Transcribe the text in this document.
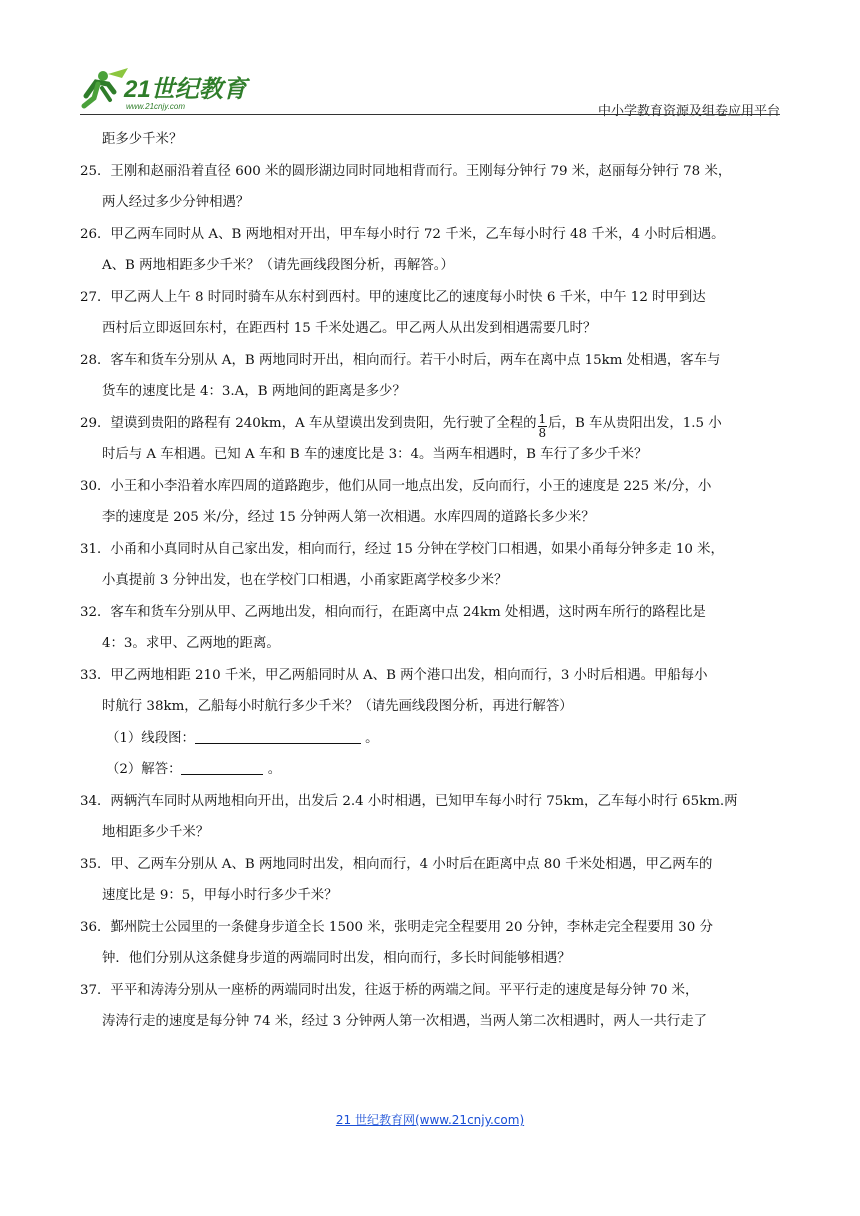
21世纪教育
www.21cnjy.com	中小学教育资源及组卷应用平台
距多少千米？
25．王刚和赵丽沿着直径 600 米的圆形湖边同时同地相背而行。王刚每分钟行 79 米，赵丽每分钟行 78 米，
两人经过多少分钟相遇？
26．甲乙两车同时从 A、B 两地相对开出，甲车每小时行 72 千米，乙车每小时行 48 千米，4 小时后相遇。
A、B 两地相距多少千米？（请先画线段图分析，再解答。）
27．甲乙两人上午 8 时同时骑车从东村到西村。甲的速度比乙的速度每小时快 6 千米，中午 12 时甲到达
西村后立即返回东村，在距西村 15 千米处遇乙。甲乙两人从出发到相遇需要几时？
28．客车和货车分别从 A，B 两地同时开出，相向而行。若干小时后，两车在离中点 15km 处相遇，客车与
货车的速度比是 4：3.A，B 两地间的距离是多少？
29．望谟到贵阳的路程有 240km，A 车从望谟出发到贵阳，先行驶了全程的 $\frac{1}{8}$ 后，B 车从贵阳出发，1.5 小
时后与 A 车相遇。已知 A 车和 B 车的速度比是 3：4。当两车相遇时，B 车行了多少千米？
30．小王和小李沿着水库四周的道路跑步，他们从同一地点出发，反向而行，小王的速度是 225 米/分，小
李的速度是 205 米/分，经过 15 分钟两人第一次相遇。水库四周的道路长多少米？
31．小甬和小真同时从自己家出发，相向而行，经过 15 分钟在学校门口相遇，如果小甬每分钟多走 10 米，
小真提前 3 分钟出发，也在学校门口相遇，小甬家距离学校多少米？
32．客车和货车分别从甲、乙两地出发，相向而行，在距离中点 24km 处相遇，这时两车所行的路程比是
4：3。求甲、乙两地的距离。
33．甲乙两地相距 210 千米，甲乙两船同时从 A、B 两个港口出发，相向而行，3 小时后相遇。甲船每小
时航行 38km，乙船每小时航行多少千米？（请先画线段图分析，再进行解答）
（1）线段图：	。
（2）解答：	。
34．两辆汽车同时从两地相向开出，出发后 2.4 小时相遇，已知甲车每小时行 75km，乙车每小时行 65km.两
地相距多少千米？
35．甲、乙两车分别从 A、B 两地同时出发，相向而行，4 小时后在距离中点 80 千米处相遇，甲乙两车的
速度比是 9：5，甲每小时行多少千米？
36．鄞州院士公园里的一条健身步道全长 1500 米，张明走完全程要用 20 分钟，李林走完全程要用 30 分
钟．他们分别从这条健身步道的两端同时出发，相向而行，多长时间能够相遇？
37．平平和涛涛分别从一座桥的两端同时出发，往返于桥的两端之间。平平行走的速度是每分钟 70 米，
涛涛行走的速度是每分钟 74 米，经过 3 分钟两人第一次相遇，当两人第二次相遇时，两人一共行走了
21 世纪教育网(www.21cnjy.com)
